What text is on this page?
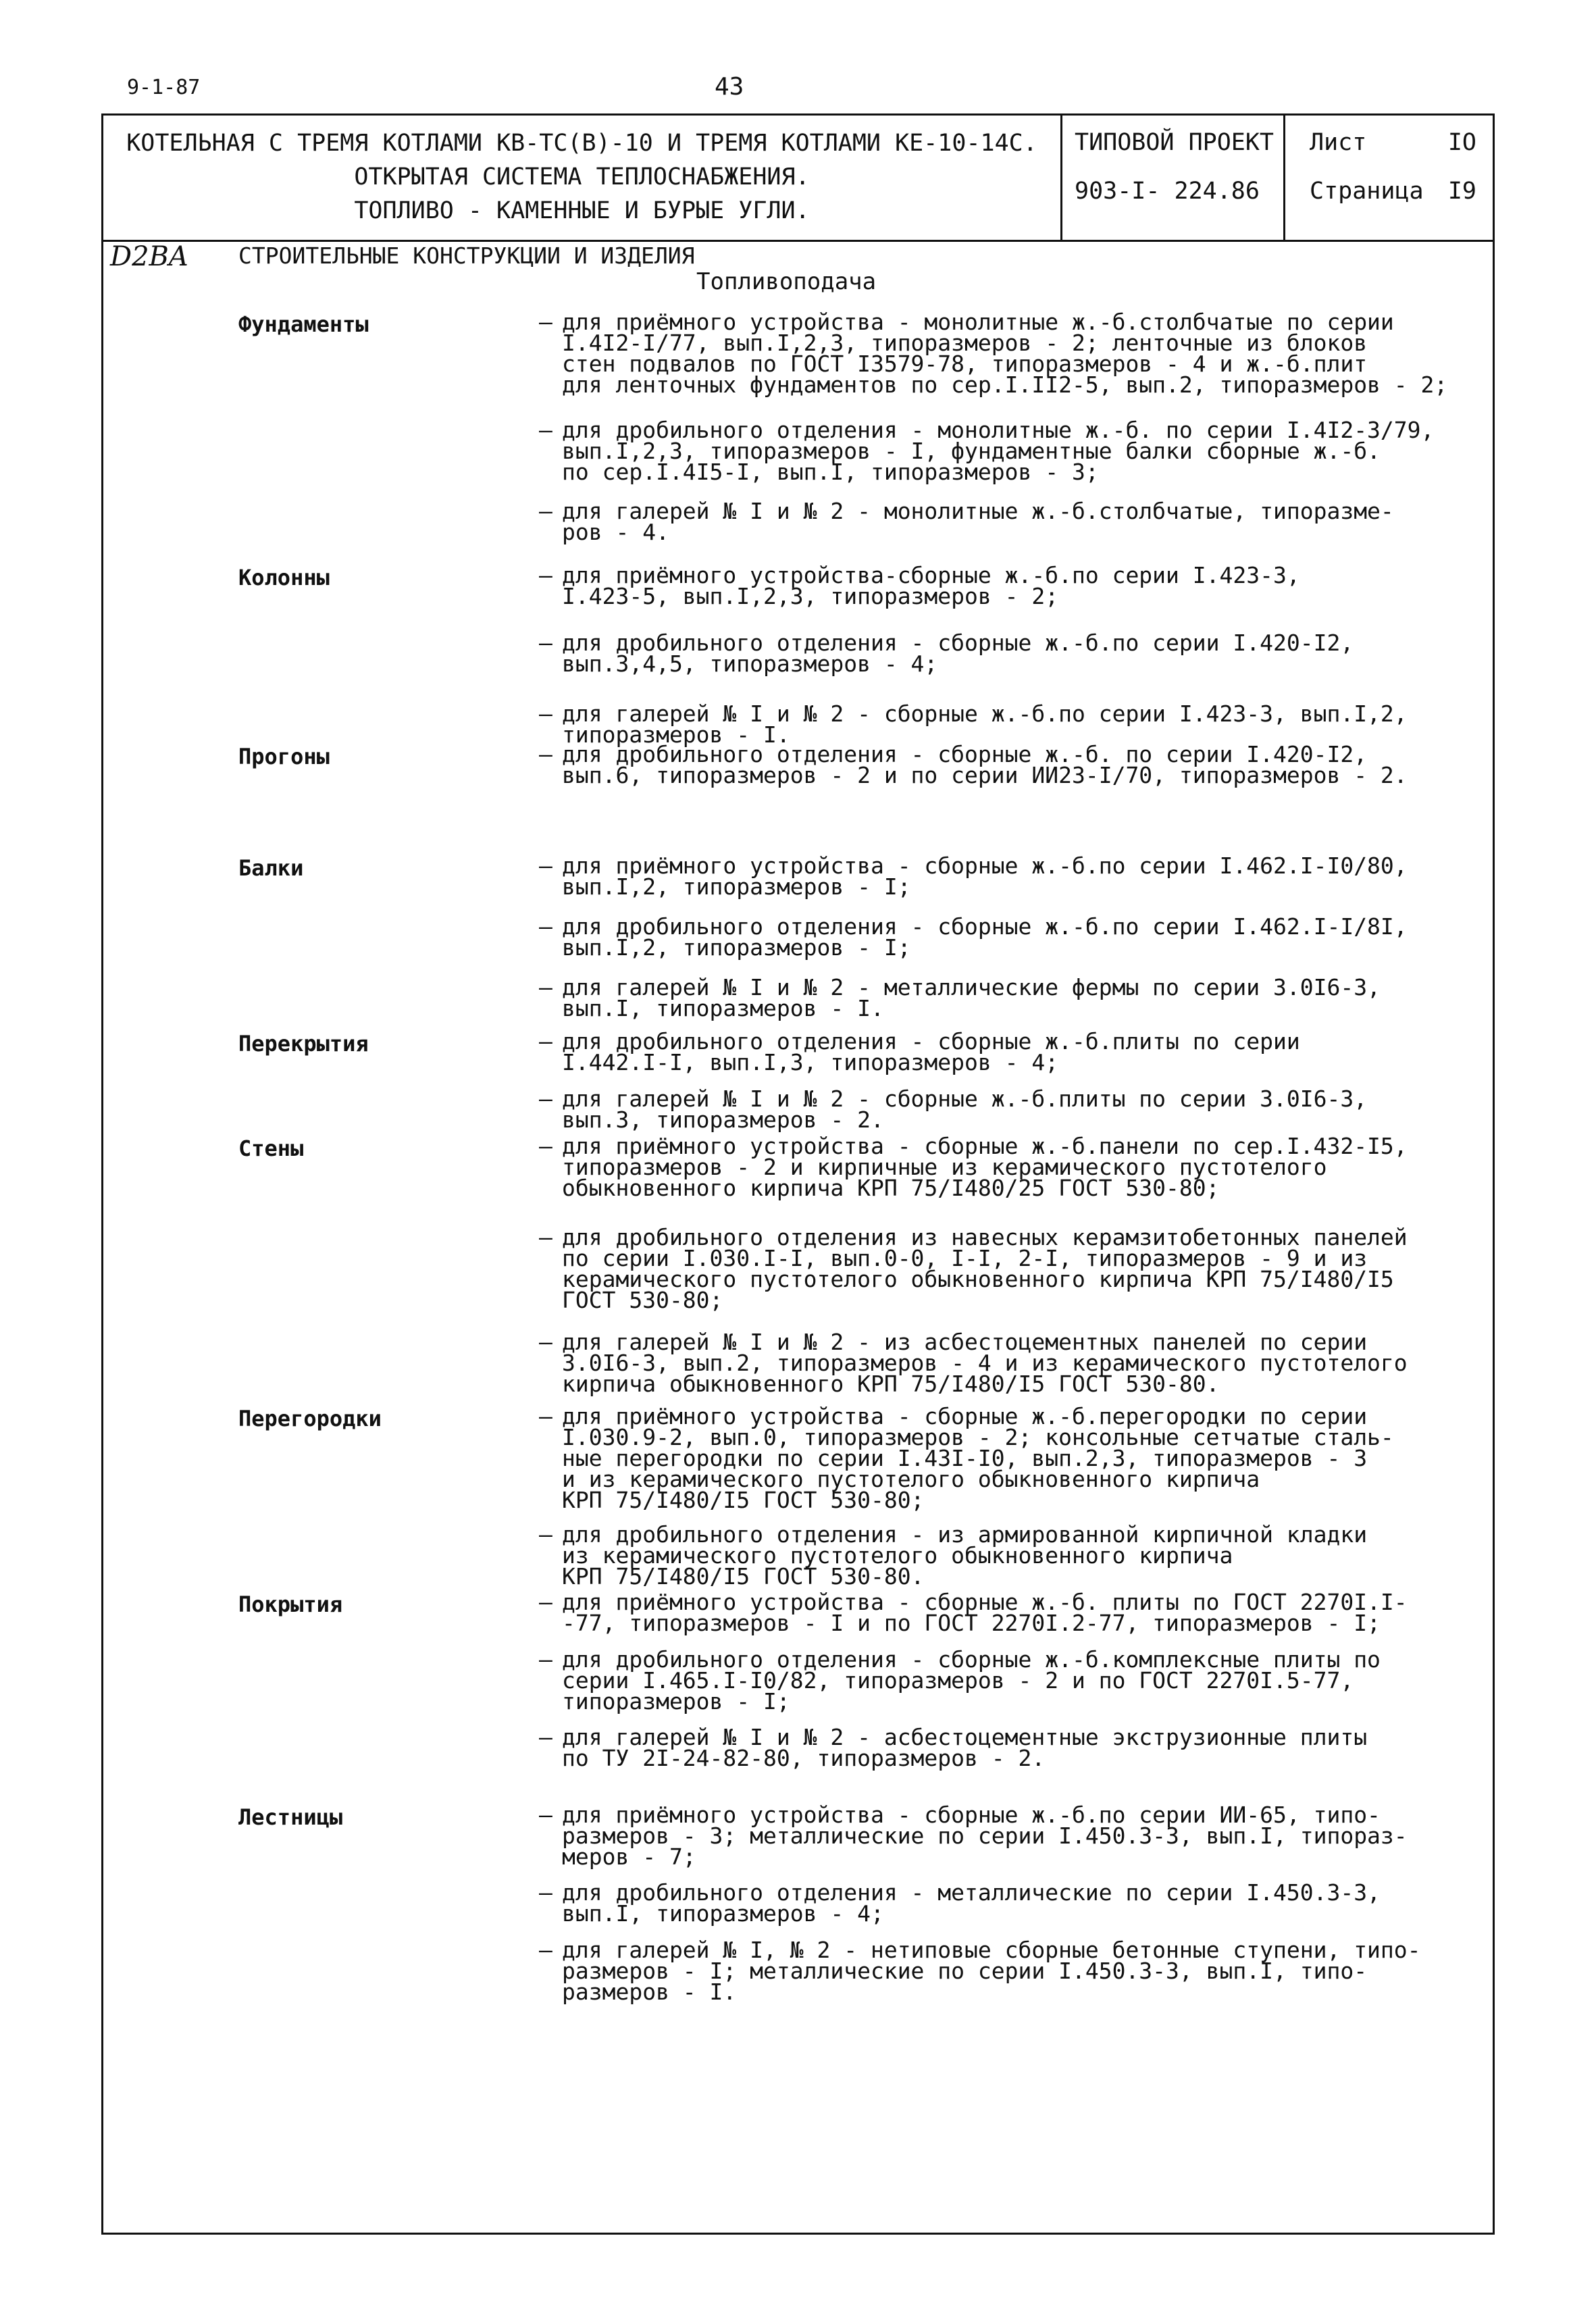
9-1-87	43
КОТЕЛЬНАЯ С ТРЕМЯ КОТЛАМИ КВ-ТС(В)-10 И ТРЕМЯ КОТЛАМИ КЕ-10-14С.
ОТКРЫТАЯ СИСТЕМА ТЕПЛОСНАБЖЕНИЯ.
ТОПЛИВО - КАМЕННЫЕ И БУРЫЕ УГЛИ.
ТИПОВОЙ ПРОЕКТ
903-I- 224.86
Лист	IO
Страница I9
D2BA СТРОИТЕЛЬНЫЕ КОНСТРУКЦИИ И ИЗДЕЛИЯ
Топливоподача
Фундаменты	– для приёмного устройства - монолитные ж.-б.столбчатые по серии
I.4I2-I/77, вып.I,2,3, типоразмеров - 2; ленточные из блоков
стен подвалов по ГОСТ I3579-78, типоразмеров - 4 и ж.-б.плит
для ленточных фундаментов по сер.I.II2-5, вып.2, типоразмеров - 2;
– для дробильного отделения - монолитные ж.-б. по серии I.4I2-3/79,
вып.I,2,3, типоразмеров - I, фундаментные балки сборные ж.-б.
по сер.I.4I5-I, вып.I, типоразмеров - 3;
– для галерей № I и № 2 - монолитные ж.-б.столбчатые, типоразме-
ров - 4.
Колонны	– для приёмного устройства-сборные ж.-б.по серии I.423-3,
I.423-5, вып.I,2,3, типоразмеров - 2;
– для дробильного отделения - сборные ж.-б.по серии I.420-I2,
вып.3,4,5, типоразмеров - 4;
– для галерей № I и № 2 - сборные ж.-б.по серии I.423-3, вып.I,2,
типоразмеров - I.
Прогоны	– для дробильного отделения - сборные ж.-б. по серии I.420-I2,
вып.6, типоразмеров - 2 и по серии ИИ23-I/70, типоразмеров - 2.
Балки	– для приёмного устройства - сборные ж.-б.по серии I.462.I-I0/80,
вып.I,2, типоразмеров - I;
– для дробильного отделения - сборные ж.-б.по серии I.462.I-I/8I,
вып.I,2, типоразмеров - I;
– для галерей № I и № 2 - металлические фермы по серии 3.0I6-3,
вып.I, типоразмеров - I.
Перекрытия	– для дробильного отделения - сборные ж.-б.плиты по серии
I.442.I-I, вып.I,3, типоразмеров - 4;
– для галерей № I и № 2 - сборные ж.-б.плиты по серии 3.0I6-3,
вып.3, типоразмеров - 2.
Стены	– для приёмного устройства - сборные ж.-б.панели по сер.I.432-I5,
типоразмеров - 2 и кирпичные из керамического пустотелого
обыкновенного кирпича КРП 75/I480/25 ГОСТ 530-80;
– для дробильного отделения из навесных керамзитобетонных панелей
по серии I.030.I-I, вып.0-0, I-I, 2-I, типоразмеров - 9 и из
керамического пустотелого обыкновенного кирпича КРП 75/I480/I5
ГОСТ 530-80;
– для галерей № I и № 2 - из асбестоцементных панелей по серии
3.0I6-3, вып.2, типоразмеров - 4 и из керамического пустотелого
кирпича обыкновенного КРП 75/I480/I5 ГОСТ 530-80.
Перегородки	– для приёмного устройства - сборные ж.-б.перегородки по серии
I.030.9-2, вып.0, типоразмеров - 2; консольные сетчатые сталь-
ные перегородки по серии I.43I-I0, вып.2,3, типоразмеров - 3
и из керамического пустотелого обыкновенного кирпича
КРП 75/I480/I5 ГОСТ 530-80;
– для дробильного отделения - из армированной кирпичной кладки
из керамического пустотелого обыкновенного кирпича
КРП 75/I480/I5 ГОСТ 530-80.
Покрытия	– для приёмного устройства - сборные ж.-б. плиты по ГОСТ 2270I.I-
-77, типоразмеров - I и по ГОСТ 2270I.2-77, типоразмеров - I;
– для дробильного отделения - сборные ж.-б.комплексные плиты по
серии I.465.I-I0/82, типоразмеров - 2 и по ГОСТ 2270I.5-77,
типоразмеров - I;
– для галерей № I и № 2 - асбестоцементные экструзионные плиты
по ТУ 2I-24-82-80, типоразмеров - 2.
Лестницы	– для приёмного устройства - сборные ж.-б.по серии ИИ-65, типо-
размеров - 3; металлические по серии I.450.3-3, вып.I, типораз-
меров - 7;
– для дробильного отделения - металлические по серии I.450.3-3,
вып.I, типоразмеров - 4;
– для галерей № I, № 2 - нетиповые сборные бетонные ступени, типо-
размеров - I; металлические по серии I.450.3-3, вып.I, типо-
размеров - I.
